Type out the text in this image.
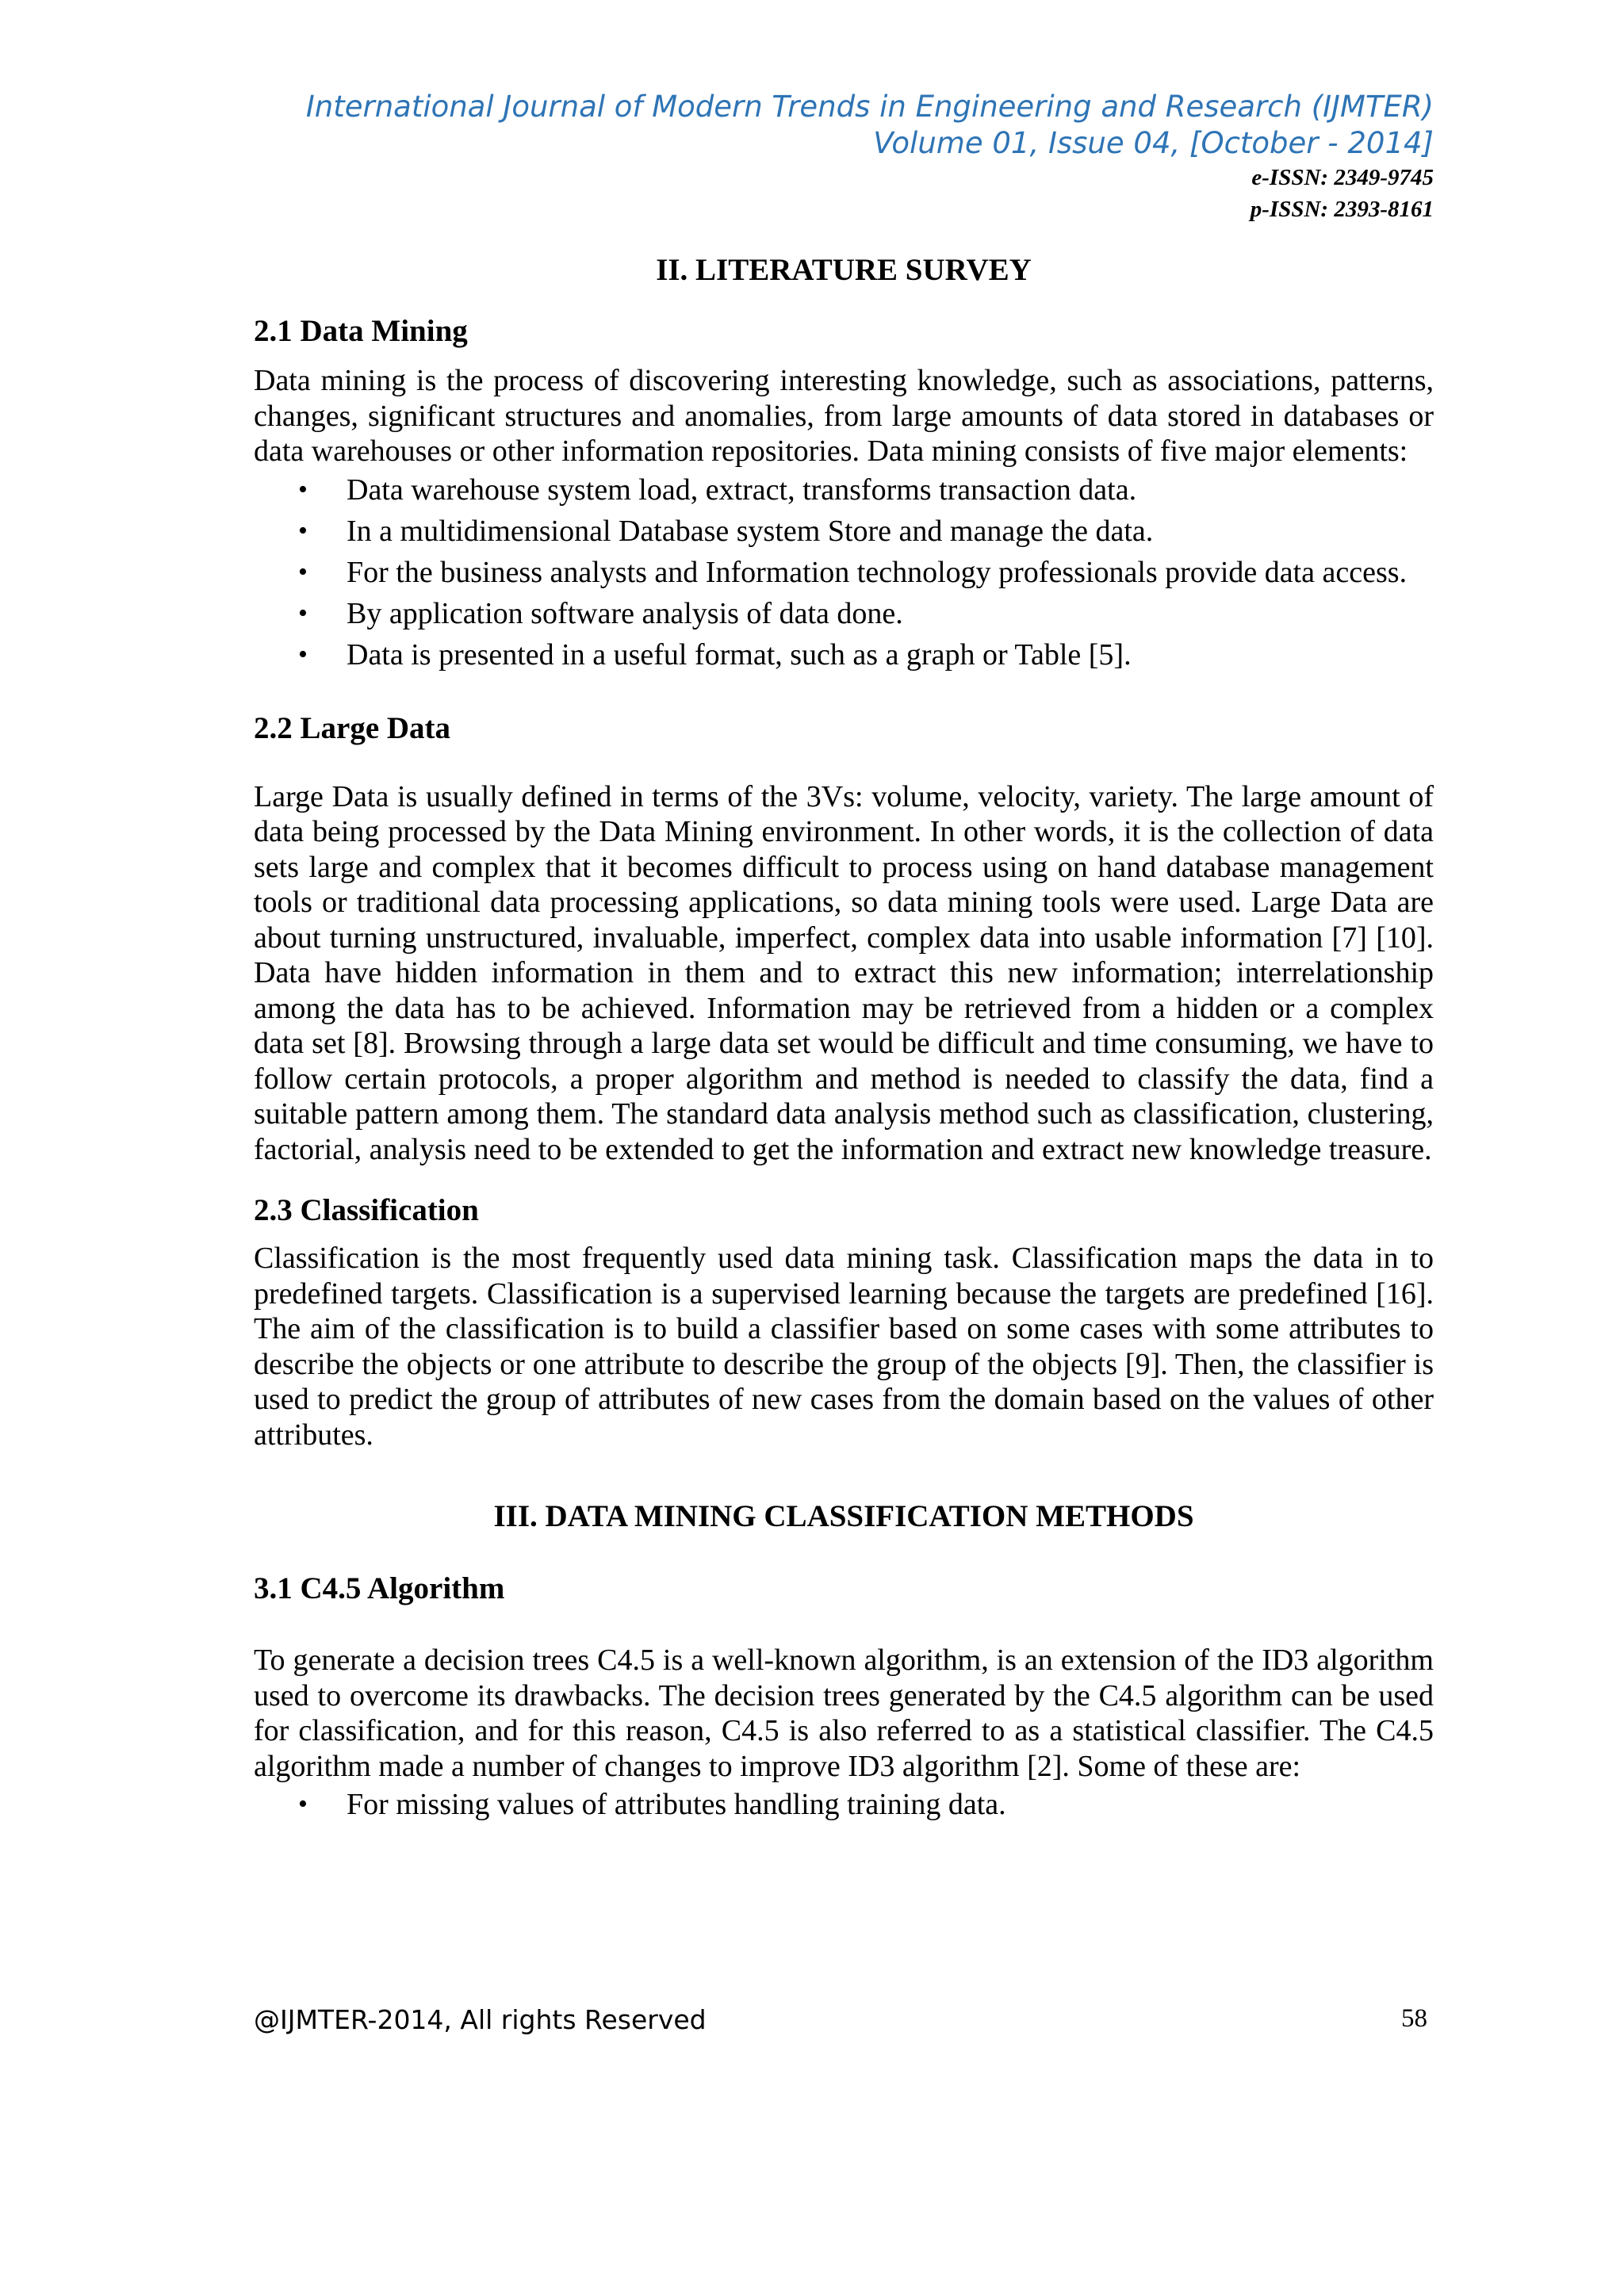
International Journal of Modern Trends in Engineering and Research (IJMTER)

Volume 01, Issue 04, [October - 2014]

e-ISSN: 2349-9745

p-ISSN: 2393-8161

II. LITERATURE SURVEY
2.1 Data Mining

Data mining is the process of discovering interesting knowledge, such as associations, patterns, changes, significant structures and anomalies, from large amounts of data stored in databases or data warehouses or other information repositories. Data mining consists of five major elements:

• Data warehouse system load, extract, transforms transaction data.
• In a multidimensional Database system Store and manage the data.
• For the business analysts and Information technology professionals provide data access.
• By application software analysis of data done.
• Data is presented in a useful format, such as a graph or Table [5].
2.2 Large Data

Large Data is usually defined in terms of the 3Vs: volume, velocity, variety. The large amount of data being processed by the Data Mining environment. In other words, it is the collection of data sets large and complex that it becomes difficult to process using on hand database management tools or traditional data processing applications, so data mining tools were used. Large Data are about turning unstructured, invaluable, imperfect, complex data into usable information [7] [10]. Data have hidden information in them and to extract this new information; interrelationship among the data has to be achieved. Information may be retrieved from a hidden or a complex data set [8]. Browsing through a large data set would be difficult and time consuming, we have to follow certain protocols, a proper algorithm and method is needed to classify the data, find a suitable pattern among them. The standard data analysis method such as classification, clustering, factorial, analysis need to be extended to get the information and extract new knowledge treasure.

2.3 Classification

Classification is the most frequently used data mining task. Classification maps the data in to predefined targets. Classification is a supervised learning because the targets are predefined [16]. The aim of the classification is to build a classifier based on some cases with some attributes to describe the objects or one attribute to describe the group of the objects [9]. Then, the classifier is used to predict the group of attributes of new cases from the domain based on the values of other attributes.

III. DATA MINING CLASSIFICATION METHODS
3.1 C4.5 Algorithm

To generate a decision trees C4.5 is a well-known algorithm, is an extension of the ID3 algorithm used to overcome its drawbacks. The decision trees generated by the C4.5 algorithm can be used for classification, and for this reason, C4.5 is also referred to as a statistical classifier. The C4.5 algorithm made a number of changes to improve ID3 algorithm [2]. Some of these are:

• For missing values of attributes handling training data.
@IJMTER-2014, All rights Reserved	58
